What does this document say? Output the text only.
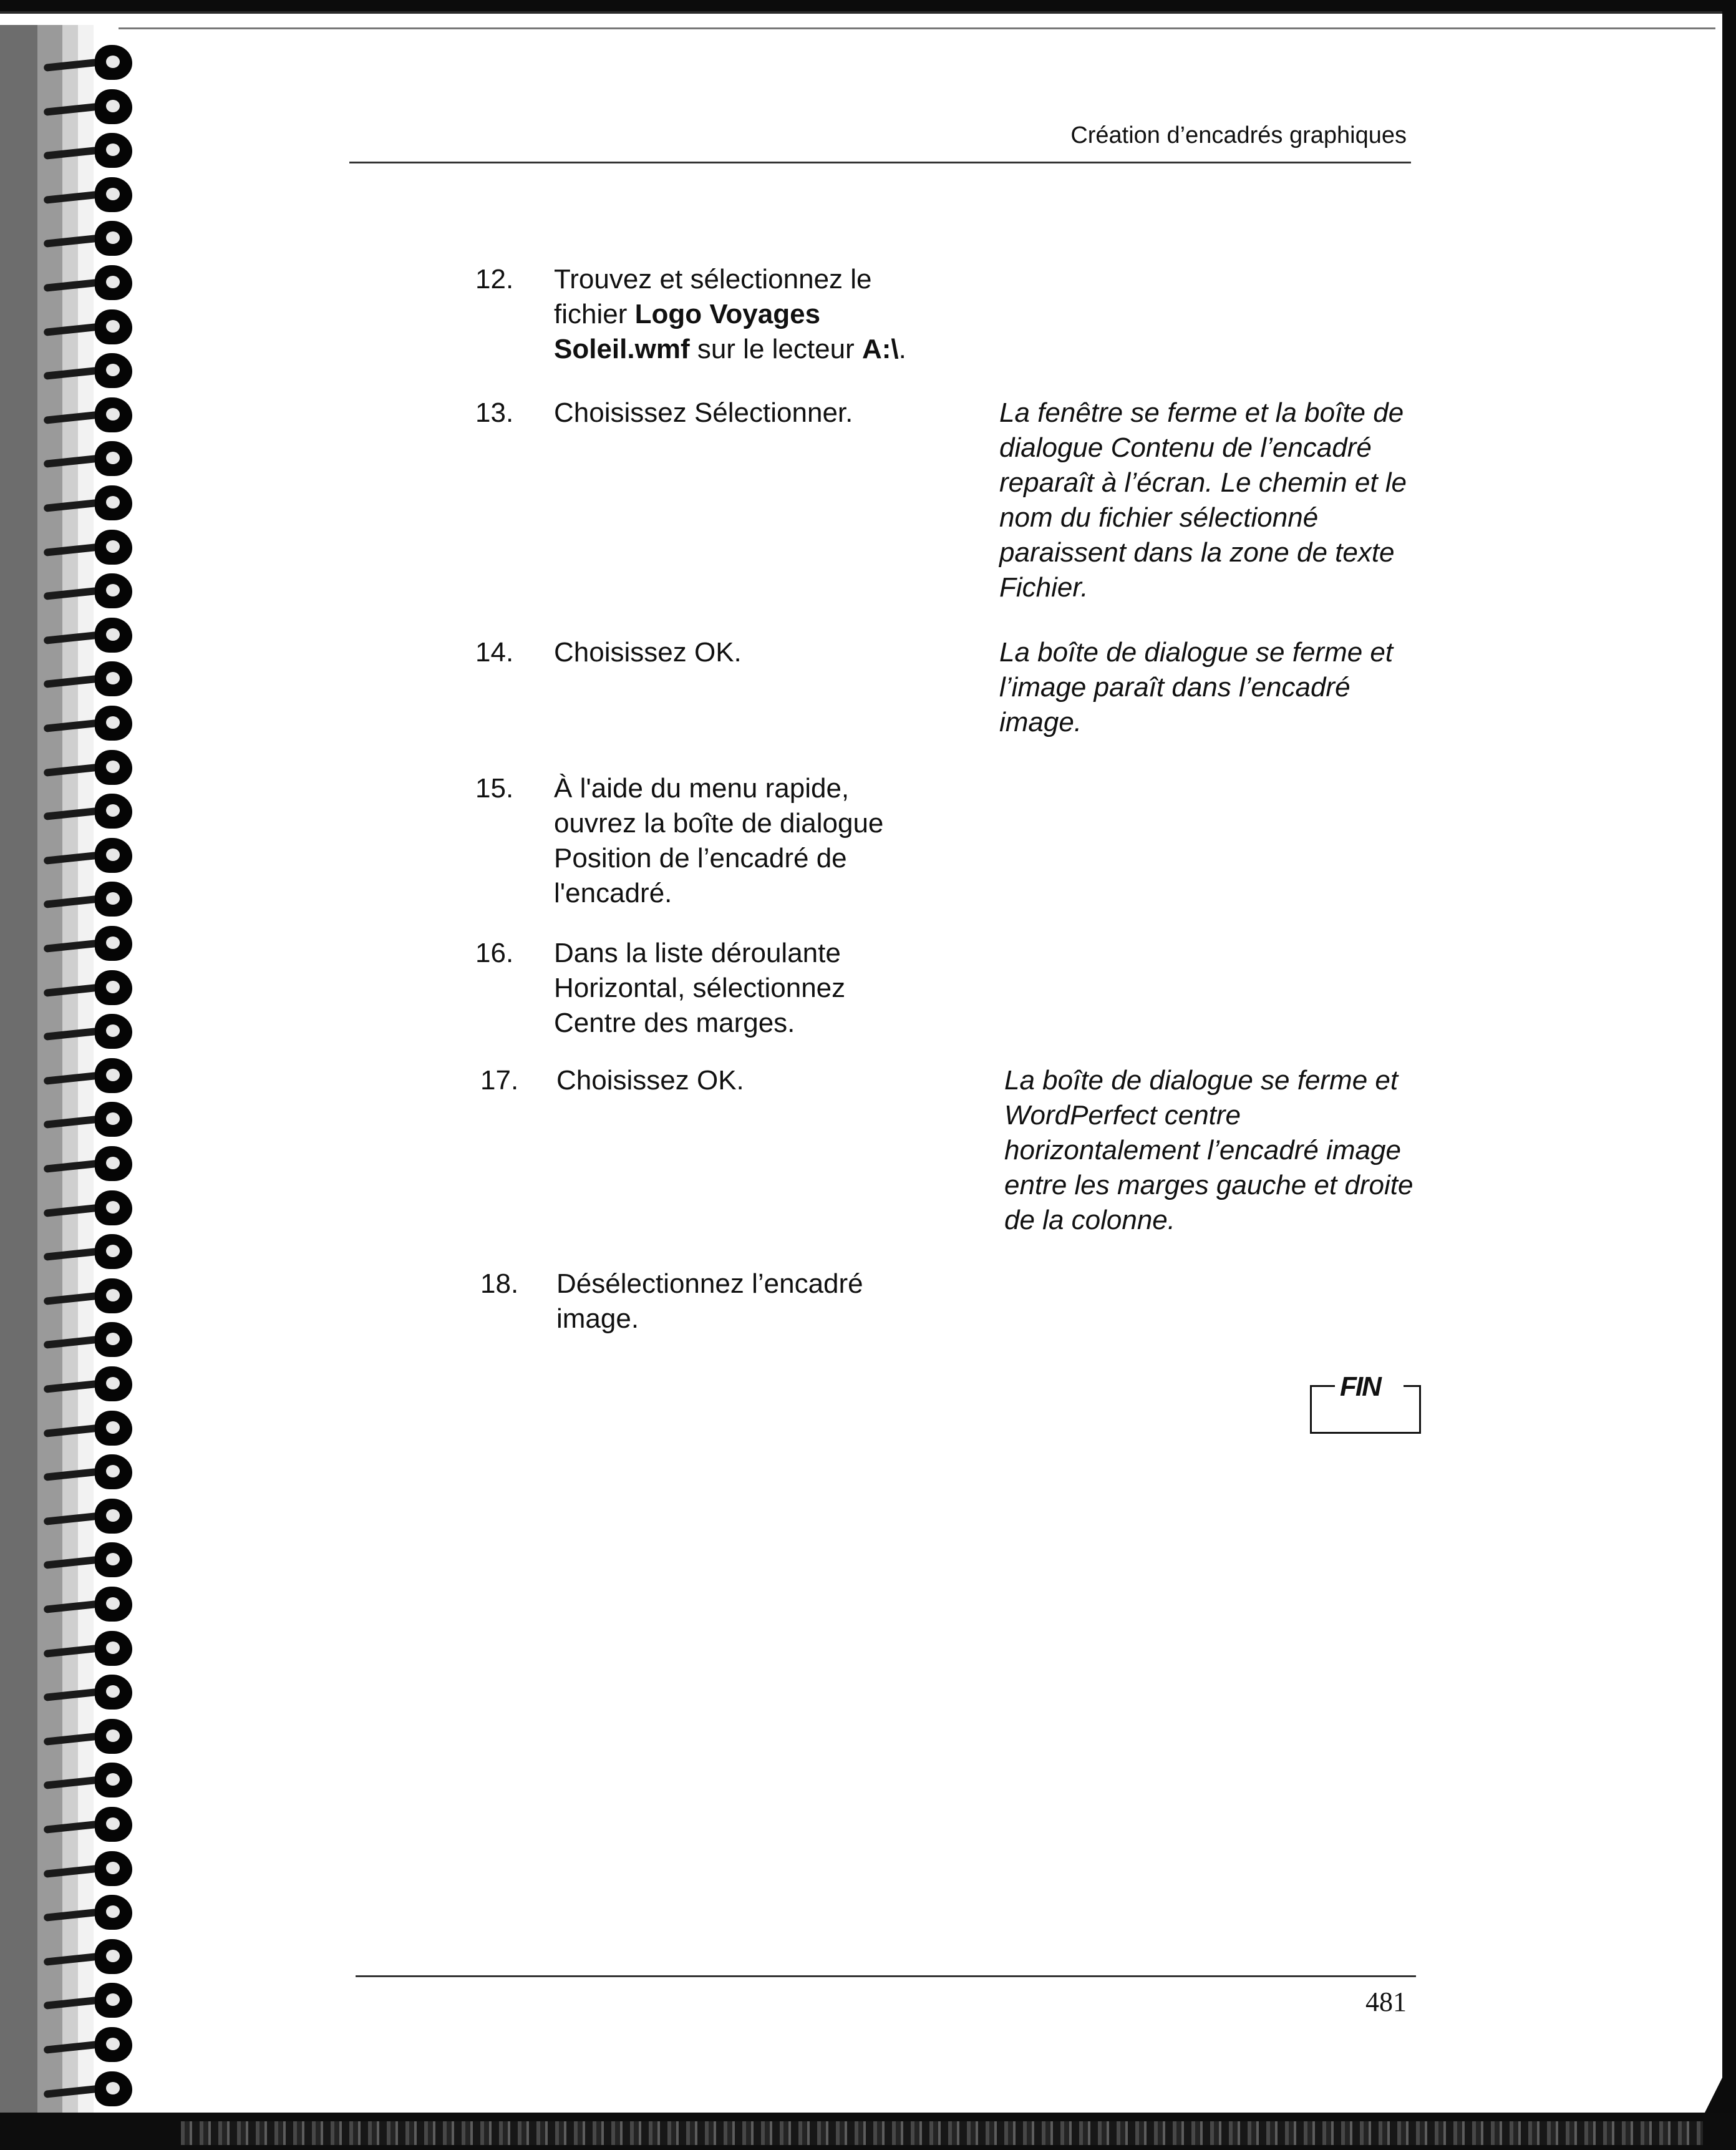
Création d’encadrés graphiques
12. Trouvez et sélectionnez le fichier Logo Voyages Soleil.wmf sur le lecteur A:\.
13. Choisissez Sélectionner.	La fenêtre se ferme et la boîte de dialogue Contenu de l’encadré reparaît à l’écran. Le chemin et le nom du fichier sélectionné paraissent dans la zone de texte Fichier.
14. Choisissez OK.	La boîte de dialogue se ferme et l’image paraît dans l’encadré image.
15. À l'aide du menu rapide, ouvrez la boîte de dialogue Position de l’encadré de l'encadré.
16. Dans la liste déroulante Horizontal, sélectionnez Centre des marges.
17. Choisissez OK.	La boîte de dialogue se ferme et WordPerfect centre horizontalement l’encadré image entre les marges gauche et droite de la colonne.
18. Désélectionnez l’encadré image.
FIN
481
